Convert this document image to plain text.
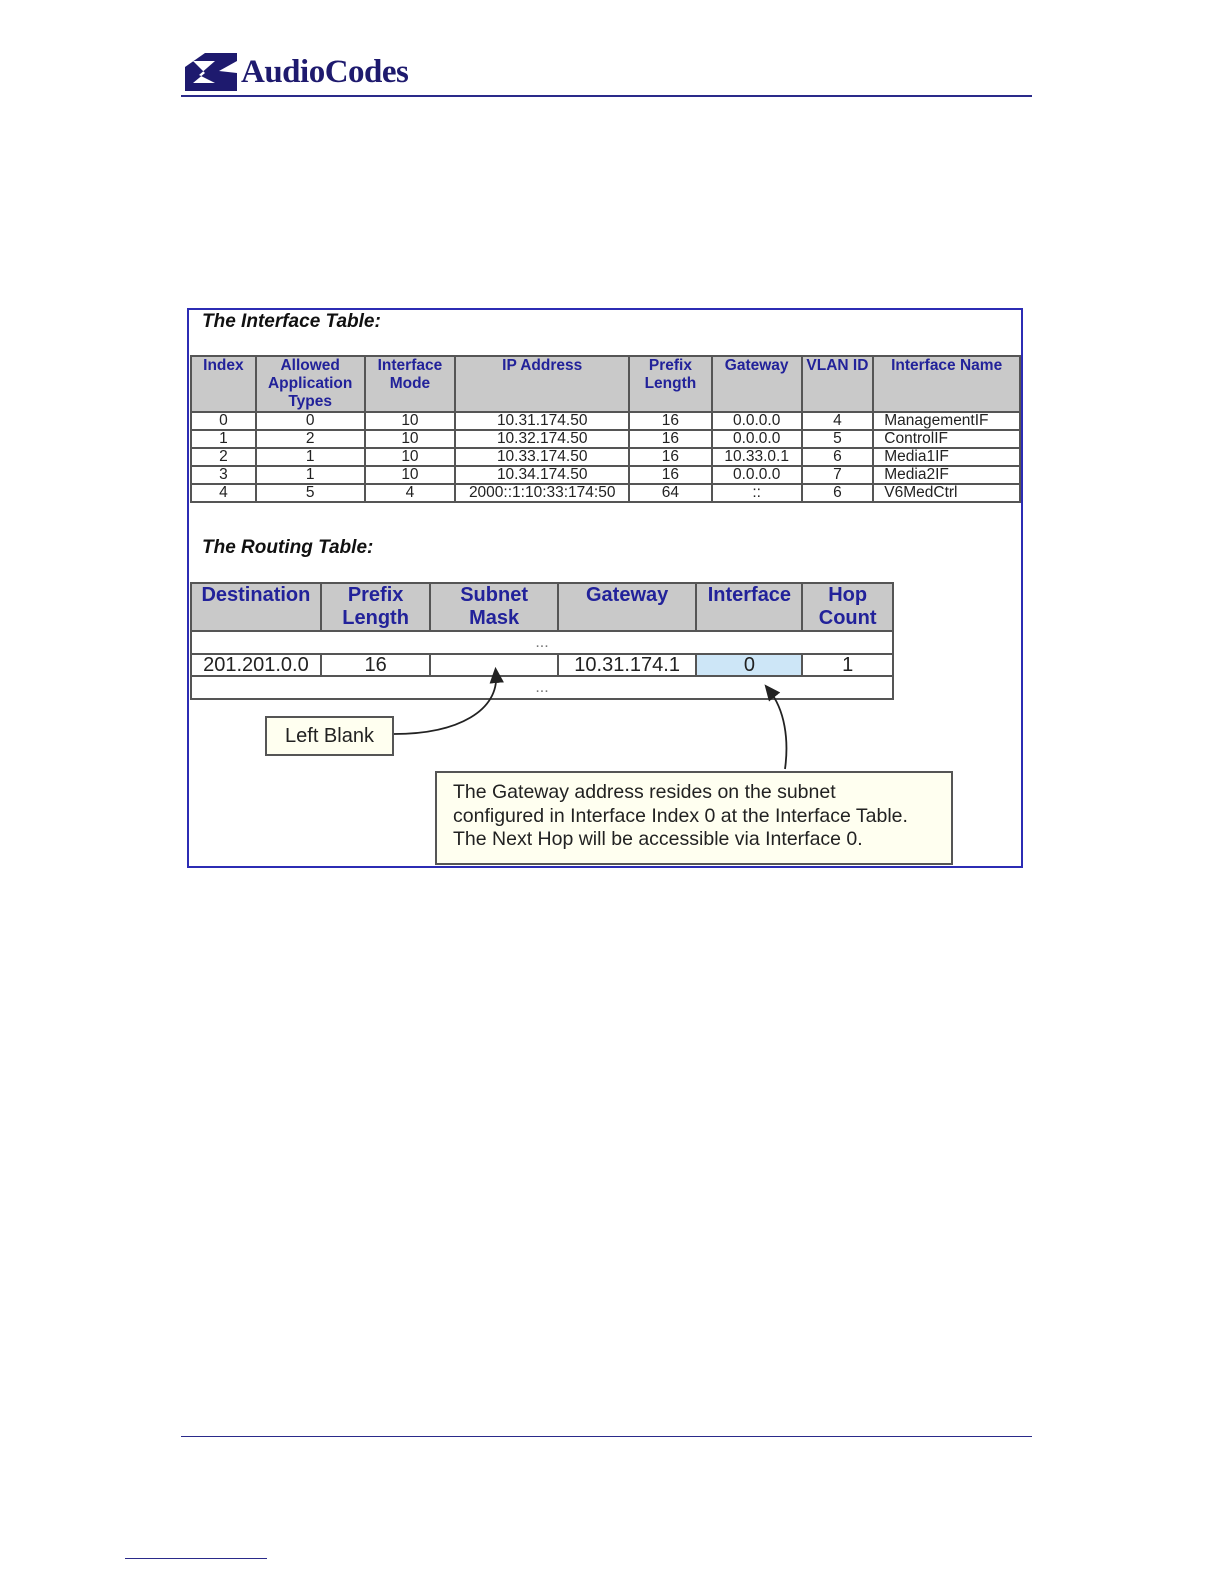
AudioCodes
The Interface Table:
Index	Allowed Application Types	Interface Mode	IP Address	Prefix Length	Gateway	VLAN ID	Interface Name
0	0	10	10.31.174.50	16	0.0.0.0	4	ManagementIF
1	2	10	10.32.174.50	16	0.0.0.0	5	ControlIF
2	1	10	10.33.174.50	16	10.33.0.1	6	Media1IF
3	1	10	10.34.174.50	16	0.0.0.0	7	Media2IF
4	5	4	2000::1:10:33:174:50	64	::	6	V6MedCtrl
The Routing Table:
Destination	Prefix Length	Subnet Mask	Gateway	Interface	Hop Count
...					
201.201.0.0	16		10.31.174.1	0	1
...					
Left Blank
The Gateway address resides on the subnet
configured in Interface Index 0 at the Interface Table.
The Next Hop will be accessible via Interface 0.
